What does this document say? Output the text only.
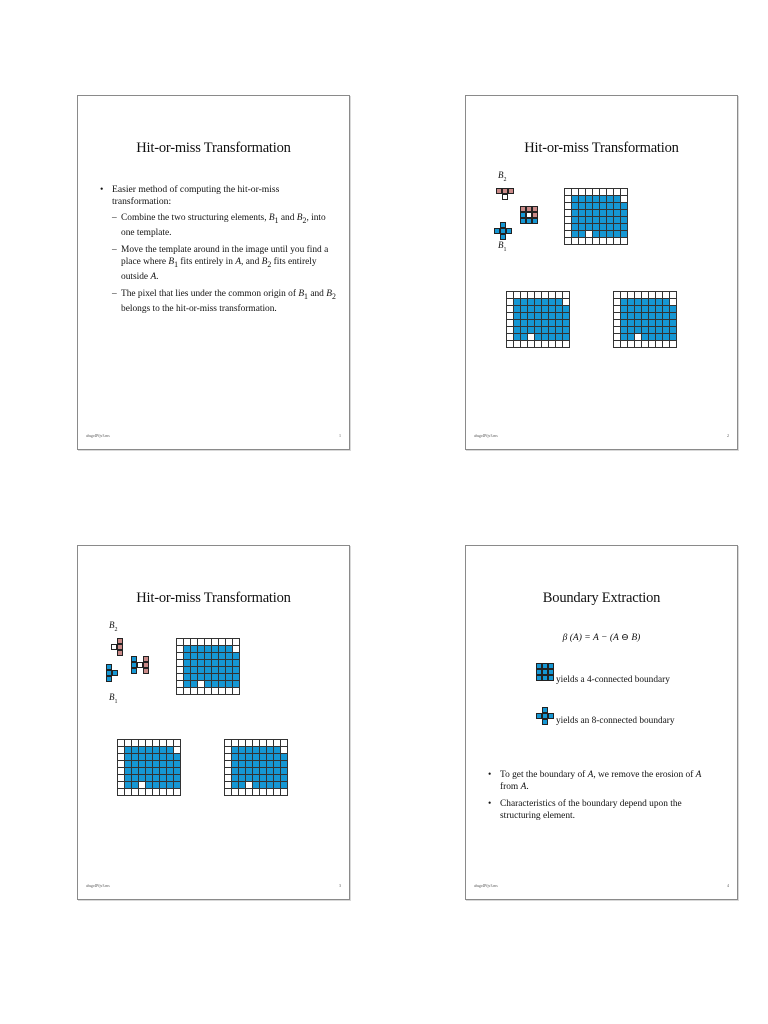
Hit-or-miss Transformation
• Easier method of computing the hit-or-miss transformation:
– Combine the two structuring elements, $B_1$ and $B_2$, into one template.
– Move the template around in the image until you find a place where $B_1$ fits entirely in A, and $B_2$ fits entirely outside A.
– The pixel that lies under the common origin of $B_1$ and $B_2$ belongs to the hit-or-miss transformation.
ahsgr4Pfjv3.ms	1
Hit-or-miss Transformation
$B_2$
$B_1$
ahsgr4Pfjv3.ms	2

Hit-or-miss Transformation
$B_2$
$B_1$
ahsgr4Pfjv3.ms	3

Boundary Extraction
β (A) = A − (A ⊖ B)
yields a 4-connected boundary
yields an 8-connected boundary
• To get the boundary of A, we remove the erosion of A from A.
• Characteristics of the boundary depend upon the structuring element.
ahsgr4Pfjv3.ms	4
